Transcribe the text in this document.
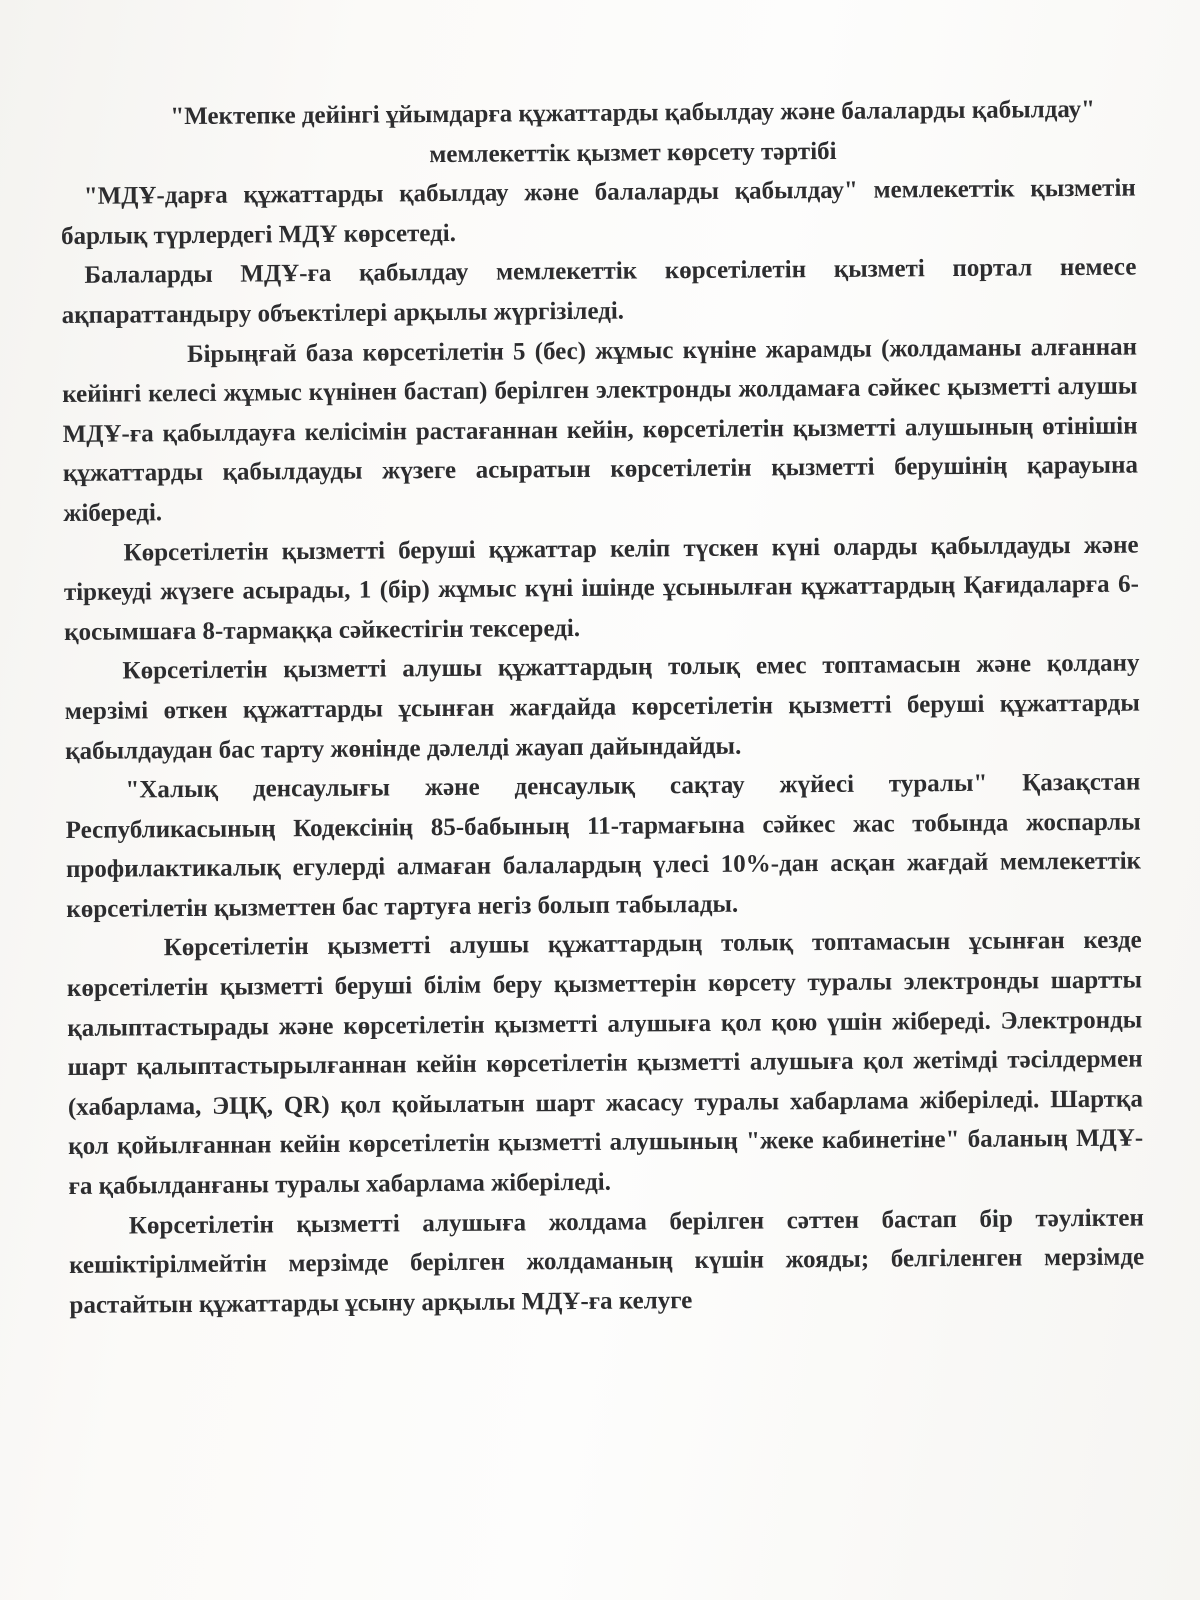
"Мектепке дейінгі ұйымдарға құжаттарды қабылдау және балаларды қабылдау" мемлекеттік қызмет көрсету тәртібі

"МДҰ-дарға құжаттарды қабылдау және балаларды қабылдау" мемлекеттік қызметін барлық түрлердегі МДҰ көрсетеді.

Балаларды МДҰ-ға қабылдау мемлекеттік көрсетілетін қызметі портал немесе ақпараттандыру объектілері арқылы жүргізіледі.

Бірыңғай база көрсетілетін 5 (бес) жұмыс күніне жарамды (жолдаманы алғаннан кейінгі келесі жұмыс күнінен бастап) берілген электронды жолдамаға сәйкес қызметті алушы МДҰ-ға қабылдауға келісімін растағаннан кейін, көрсетілетін қызметті алушының өтінішін құжаттарды қабылдауды жүзеге асыратын көрсетілетін қызметті берушінің қарауына жібереді.

Көрсетілетін қызметті беруші құжаттар келіп түскен күні оларды қабылдауды және тіркеуді жүзеге асырады, 1 (бір) жұмыс күні ішінде ұсынылған құжаттардың Қағидаларға 6-қосымшаға 8-тармаққа сәйкестігін тексереді.

Көрсетілетін қызметті алушы құжаттардың толық емес топтамасын және қолдану мерзімі өткен құжаттарды ұсынған жағдайда көрсетілетін қызметті беруші құжаттарды қабылдаудан бас тарту жөнінде дәлелді жауап дайындайды.

"Халық денсаулығы және денсаулық сақтау жүйесі туралы" Қазақстан Республикасының Кодексінің 85-бабының 11-тармағына сәйкес жас тобында жоспарлы профилактикалық егулерді алмаған балалардың үлесі 10%-дан асқан жағдай мемлекеттік көрсетілетін қызметтен бас тартуға негіз болып табылады.

Көрсетілетін қызметті алушы құжаттардың толық топтамасын ұсынған кезде көрсетілетін қызметті беруші білім беру қызметтерін көрсету туралы электронды шартты қалыптастырады және көрсетілетін қызметті алушыға қол қою үшін жібереді. Электронды шарт қалыптастырылғаннан кейін көрсетілетін қызметті алушыға қол жетімді тәсілдермен (хабарлама, ЭЦҚ, QR) қол қойылатын шарт жасасу туралы хабарлама жіберіледі. Шартқа қол қойылғаннан кейін көрсетілетін қызметті алушының "жеке кабинетіне" баланың МДҰ-ға қабылданғаны туралы хабарлама жіберіледі.

Көрсетілетін қызметті алушыға жолдама берілген сәттен бастап бір тәуліктен кешіктірілмейтін мерзімде берілген жолдаманың күшін жояды; белгіленген мерзімде растайтын құжаттарды ұсыну арқылы МДҰ-ға келуге
